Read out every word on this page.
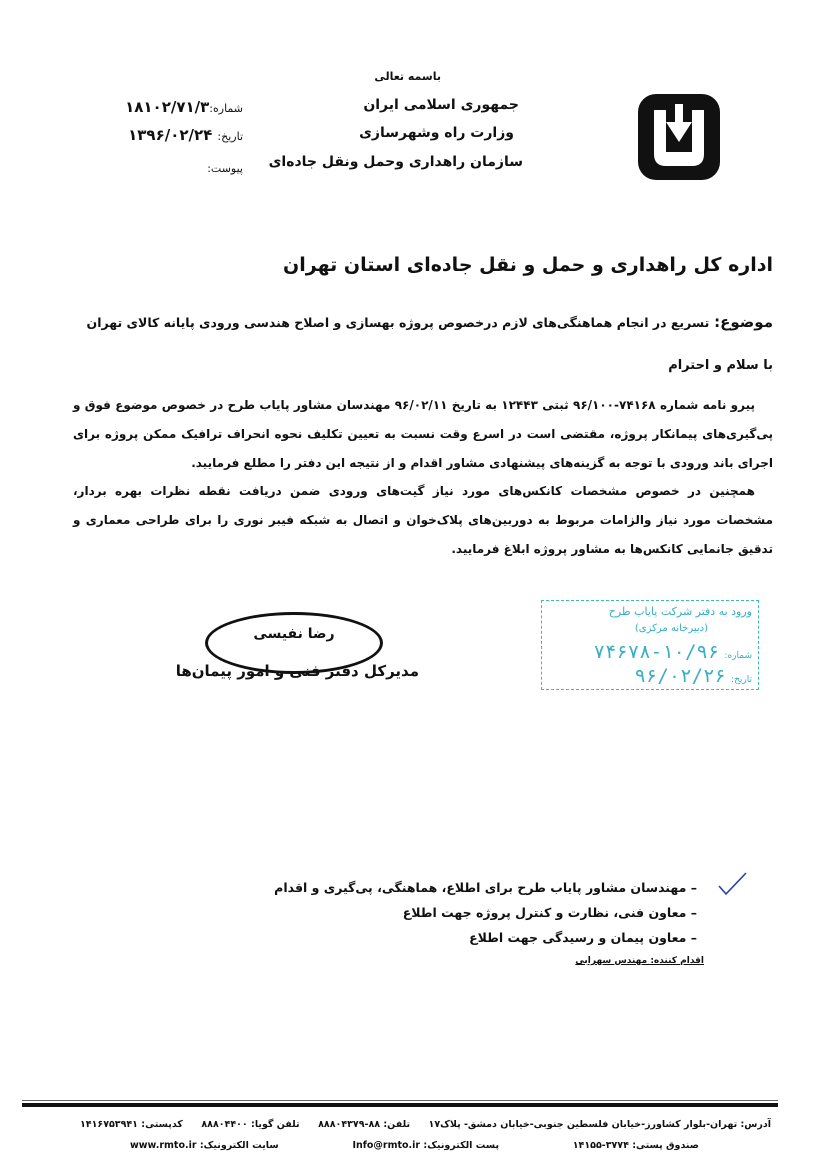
باسمه تعالی
جمهوری اسلامی ایران
وزارت راه وشهرسازی
سازمان راهداری وحمل ونقل جاده‌ای
شماره:۱۸۱۰۲/۷۱/۳
تاریخ: ۱۳۹۶/۰۲/۲۴
پیوست:
اداره کل راهداری و حمل و نقل جاده‌ای استان تهران
موضوع: تسریع در انجام هماهنگی‌های لازم درخصوص پروژه بهسازی و اصلاح هندسی ورودی پایانه کالای تهران
با سلام و احترام

پیرو نامه شماره ۷۴۱۶۸-۹۶/۱۰۰ ثبتی ۱۲۴۴۳ به تاریخ ۹۶/۰۲/۱۱ مهندسان مشاور پایاب طرح در خصوص موضوع فوق و پی‌گیری‌های پیمانکار پروژه، مقتضی است در اسرع وقت نسبت به تعیین تکلیف نحوه انحراف ترافیک ممکن پروژه برای اجرای باند ورودی با توجه به گزینه‌های پیشنهادی مشاور اقدام و از نتیجه این دفتر را مطلع فرمایید.

همچنین در خصوص مشخصات کانکس‌های مورد نیاز گیت‌های ورودی ضمن دریافت نقطه نظرات بهره بردار، مشخصات مورد نیاز والزامات مربوط به دوربین‌های پلاک‌خوان و اتصال به شبکه فیبر نوری را برای طراحی معماری و تدقیق جانمایی کانکس‌ها به مشاور پروژه ابلاغ فرمایید.

رضا نفیسی
مدیرکل دفتر فنی و امور پیمان‌ها
ورود به دفتر شرکت پایاب طرح
(دبیرخانه مرکزی)
شماره: ۱۰/۹۶-۷۴۶۷۸
تاریخ: ۹۶/۰۲/۲۶
– مهندسان مشاور پایاب طرح برای اطلاع، هماهنگی، پی‌گیری و اقدام
– معاون فنی، نظارت و کنترل پروژه جهت اطلاع
– معاون پیمان و رسیدگی جهت اطلاع
اقدام کننده: مهندس سهرابی
آدرس: تهران-بلوار کشاورز-خیابان فلسطین جنوبی-خیابان دمشق- پلاک۱۷
تلفن: ۸۸-۸۸۸۰۴۳۷۹
تلفن گویا: ۸۸۸۰۴۴۰۰
کدپستی: ۱۴۱۶۷۵۳۹۴۱
صندوق پستی: ۳۷۷۴-۱۴۱۵۵
پست الکترونیک: Info@rmto.ir
سایت الکترونیک: www.rmto.ir
